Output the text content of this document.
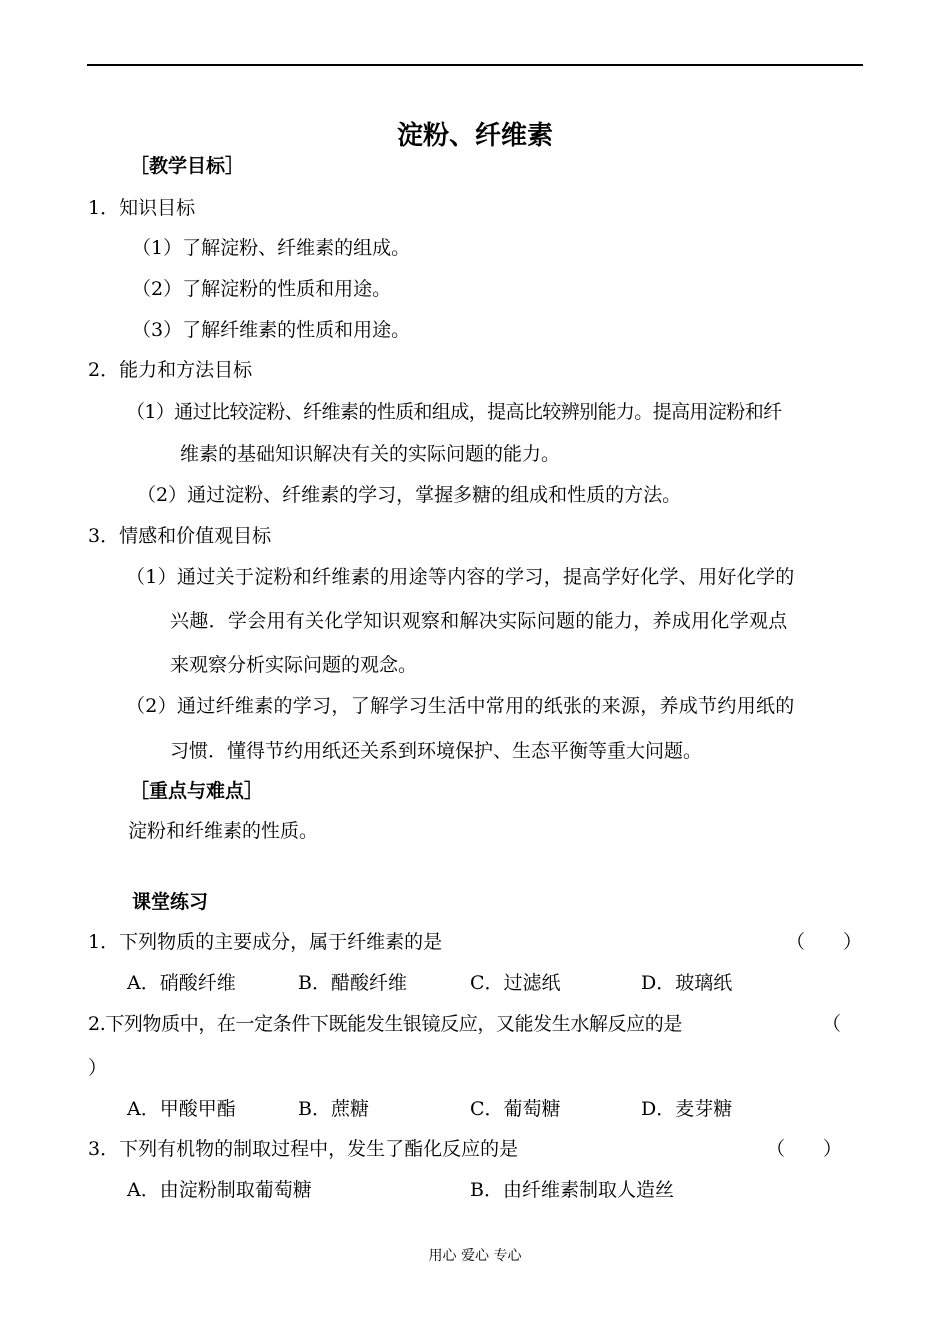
淀粉、纤维素
［教学目标］
1．知识目标
（1）了解淀粉、纤维素的组成。
（2）了解淀粉的性质和用途。
（3）了解纤维素的性质和用途。
2．能力和方法目标
（1）通过比较淀粉、纤维素的性质和组成，提高比较辨别能力。提高用淀粉和纤
维素的基础知识解决有关的实际问题的能力。
（2）通过淀粉、纤维素的学习，掌握多糖的组成和性质的方法。
3．情感和价值观目标
（1）通过关于淀粉和纤维素的用途等内容的学习，提高学好化学、用好化学的
兴趣．学会用有关化学知识观察和解决实际问题的能力，养成用化学观点
来观察分析实际问题的观念。
（2）通过纤维素的学习，了解学习生活中常用的纸张的来源，养成节约用纸的
习惯．懂得节约用纸还关系到环境保护、生态平衡等重大问题。
［重点与难点］
淀粉和纤维素的性质。
课堂练习
1．下列物质的主要成分，属于纤维素的是	（　　）
A．硝酸纤维	B．醋酸纤维	C．过滤纸	D．玻璃纸
2.下列物质中，在一定条件下既能发生银镜反应，又能发生水解反应的是	（
）
A．甲酸甲酯	B．蔗糖	C．葡萄糖	D．麦芽糖
3．下列有机物的制取过程中，发生了酯化反应的是	（　　）
A．由淀粉制取葡萄糖	B．由纤维素制取人造丝
用心 爱心 专心
